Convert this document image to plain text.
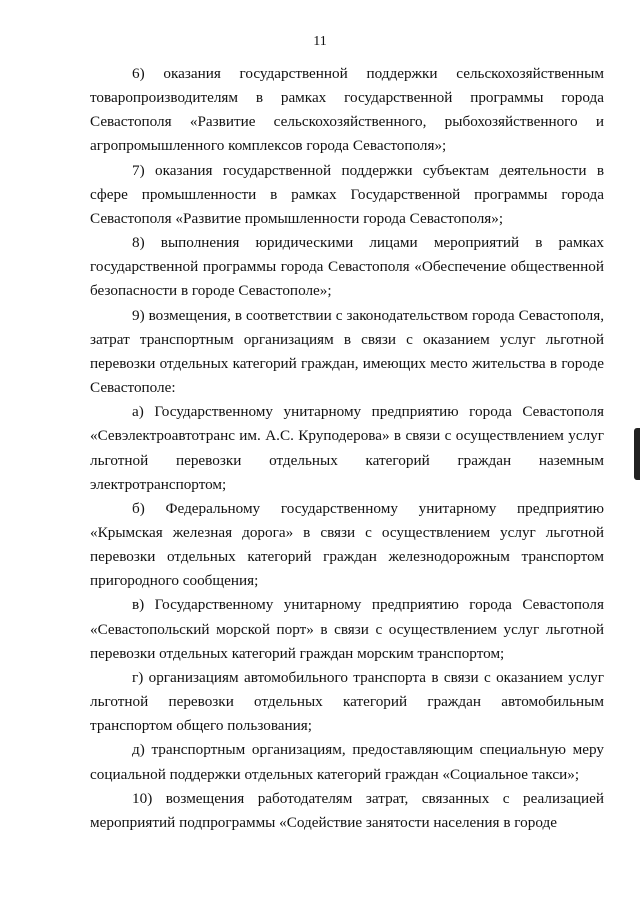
11

6) оказания государственной поддержки сельскохозяйственным товаропроизводителям в рамках государственной программы города Севастополя «Развитие сельскохозяйственного, рыбохозяйственного и агропромышленного комплексов города Севастополя»;

7) оказания государственной поддержки субъектам деятельности в сфере промышленности в рамках Государственной программы города Севастополя «Развитие промышленности города Севастополя»;

8) выполнения юридическими лицами мероприятий в рамках государственной программы города Севастополя «Обеспечение общественной безопасности в городе Севастополе»;

9) возмещения, в соответствии с законодательством города Севастополя, затрат транспортным организациям в связи с оказанием услуг льготной перевозки отдельных категорий граждан, имеющих место жительства в городе Севастополе:

а) Государственному унитарному предприятию города Севастополя «Севэлектроавтотранс им. А.С. Круподерова» в связи с осуществлением услуг льготной перевозки отдельных категорий граждан наземным электротранспортом;

б) Федеральному государственному унитарному предприятию «Крымская железная дорога» в связи с осуществлением услуг льготной перевозки отдельных категорий граждан железнодорожным транспортом пригородного сообщения;

в) Государственному унитарному предприятию города Севастополя «Севастопольский морской порт» в связи с осуществлением услуг льготной перевозки отдельных категорий граждан морским транспортом;

г) организациям автомобильного транспорта в связи с оказанием услуг льготной перевозки отдельных категорий граждан автомобильным транспортом общего пользования;

д) транспортным организациям, предоставляющим специальную меру социальной поддержки отдельных категорий граждан «Социальное такси»;

10) возмещения работодателям затрат, связанных с реализацией мероприятий подпрограммы «Содействие занятости населения в городе
